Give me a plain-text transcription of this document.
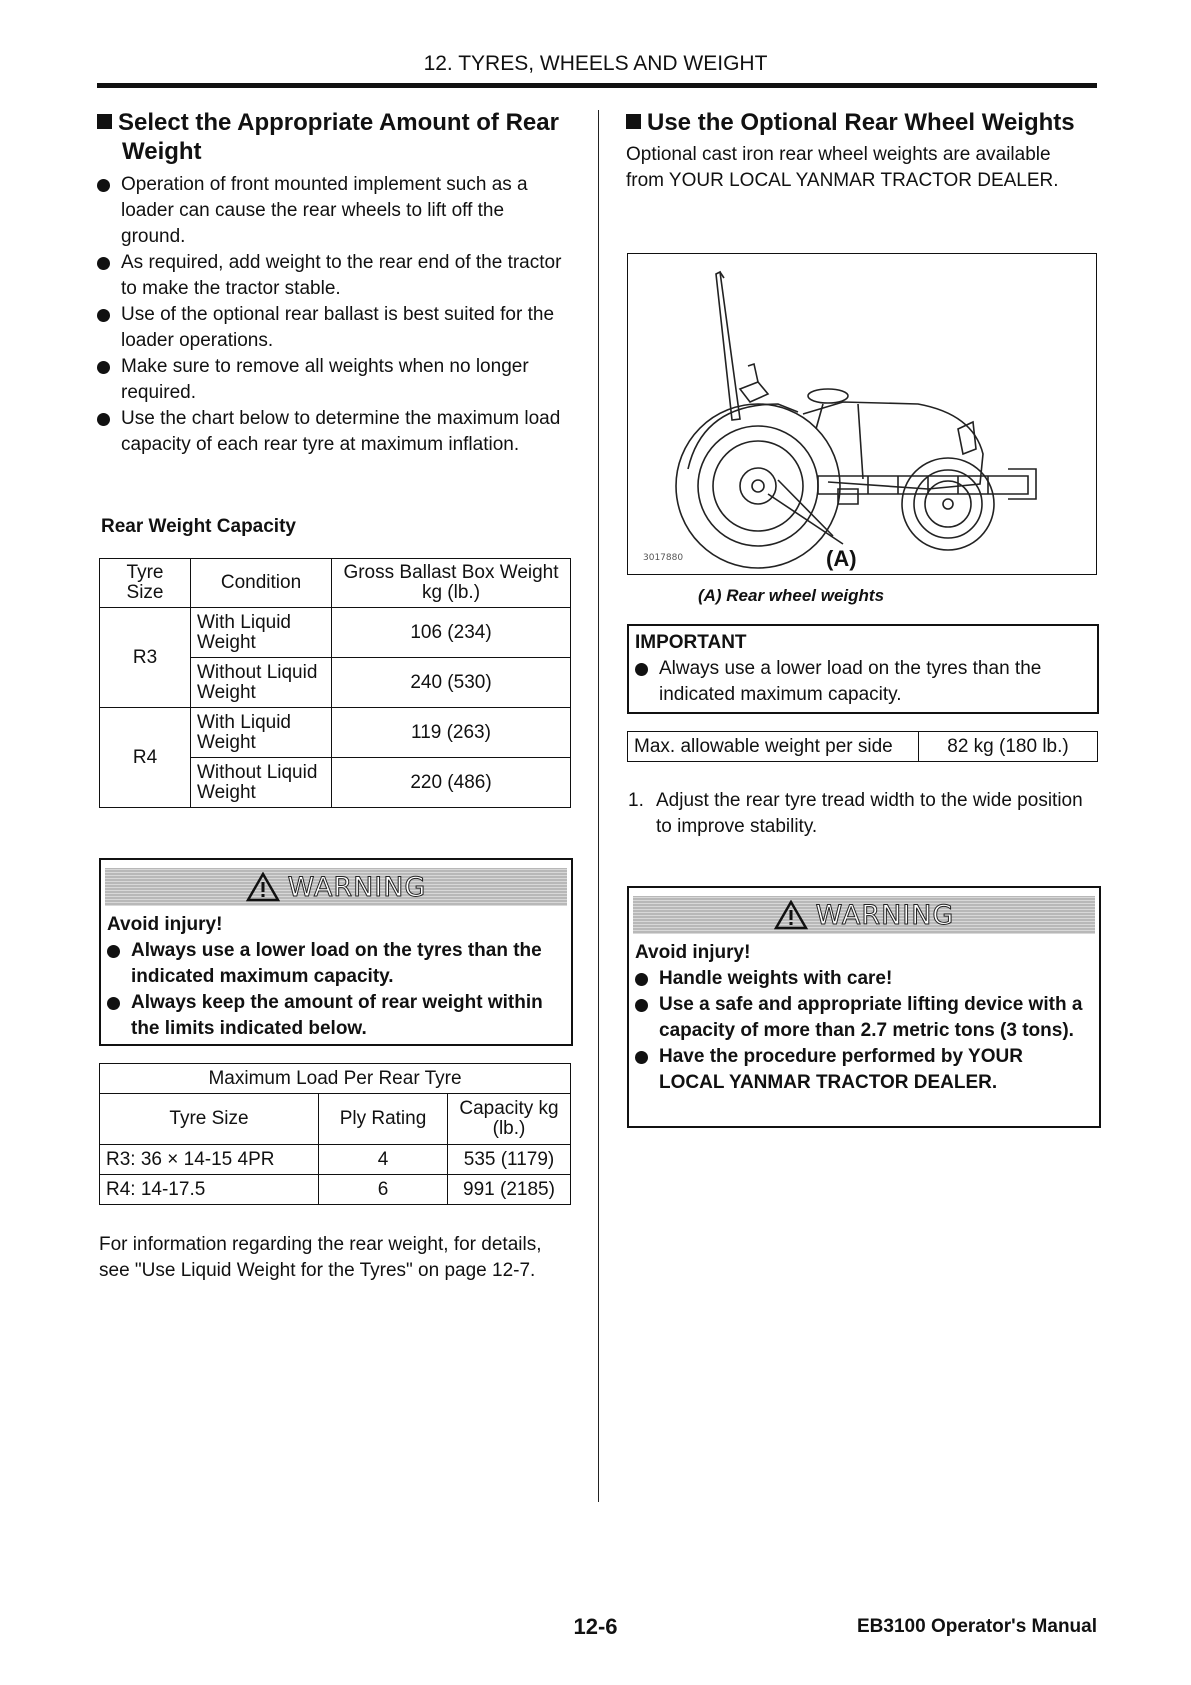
12. TYRES, WHEELS AND WEIGHT
Select the Appropriate Amount of Rear
Weight
Operation of front mounted implement such as a loader can cause the rear wheels to lift off the ground.
As required, add weight to the rear end of the tractor to make the tractor stable.
Use of the optional rear ballast is best suited for the loader operations.
Make sure to remove all weights when no longer required.
Use the chart below to determine the maximum load capacity of each rear tyre at maximum inflation.
Rear Weight Capacity
Tyre Size	Condition	Gross Ballast Box Weight kg (lb.)
R3	With Liquid Weight	106 (234)
	Without Liquid Weight	240 (530)
R4	With Liquid Weight	119 (263)
	Without Liquid Weight	220 (486)
WARNING
Avoid injury!
Always use a lower load on the tyres than the indicated maximum capacity.
Always keep the amount of rear weight within the limits indicated below.
Maximum Load Per Rear Tyre		
Tyre Size	Ply Rating	Capacity kg (lb.)
R3: 36 × 14-15 4PR	4	535 (1179)
R4: 14-17.5	6	991 (2185)
For information regarding the rear weight, for details,
see "Use Liquid Weight for the Tyres" on page 12-7.
Use the Optional Rear Wheel Weights
Optional cast iron rear wheel weights are available
from YOUR LOCAL YANMAR TRACTOR DEALER.
3017880	(A)
(A) Rear wheel weights
IMPORTANT
Always use a lower load on the tyres than the indicated maximum capacity.
Max. allowable weight per side	82 kg (180 lb.)
1. Adjust the rear tyre tread width to the wide position to improve stability.
WARNING
Avoid injury!
Handle weights with care!
Use a safe and appropriate lifting device with a capacity of more than 2.7 metric tons (3 tons).
Have the procedure performed by YOUR LOCAL YANMAR TRACTOR DEALER.
12-6	EB3100 Operator's Manual
